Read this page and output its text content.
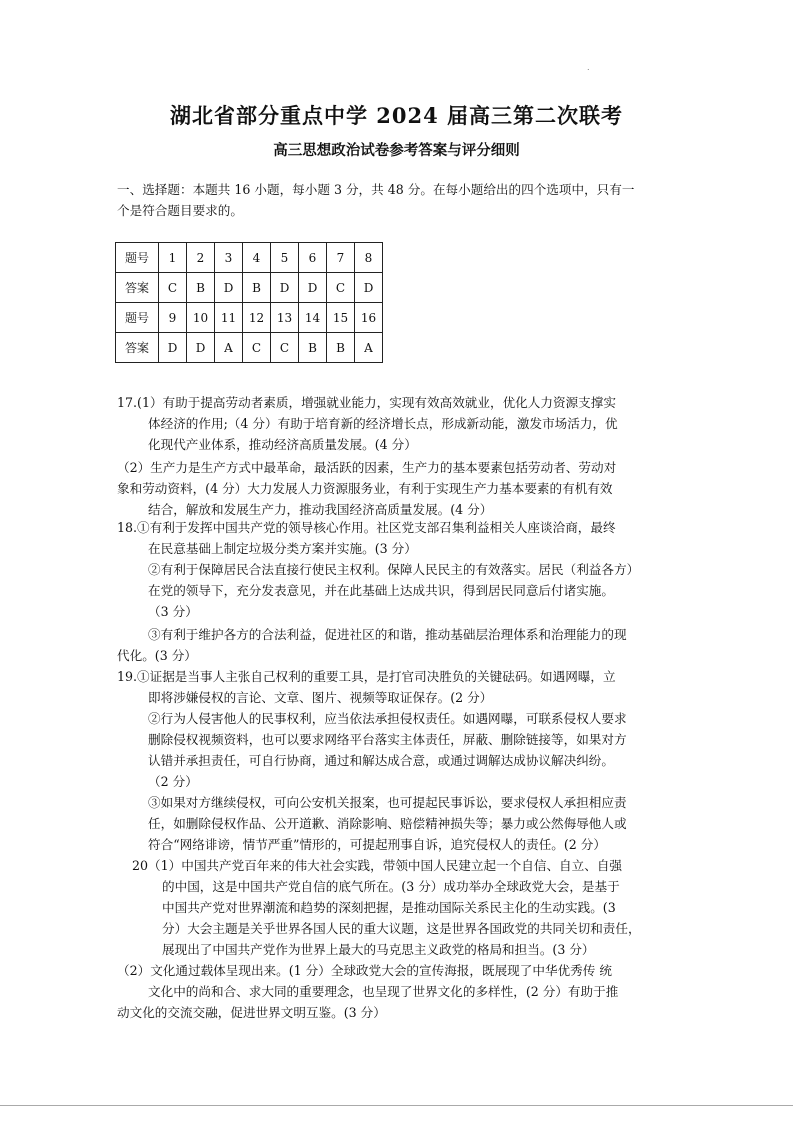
.
湖北省部分重点中学 2024 届高三第二次联考
高三思想政治试卷参考答案与评分细则
一、选择题：本题共 16 小题，每小题 3 分，共 48 分。在每小题给出的四个选项中，只有一
个是符合题目要求的。
题号	1	2	3	4	5	6	7	8
答案	C	B	D	B	D	D	C	D
题号	9	10	11	12	13	14	15	16
答案	D	D	A	C	C	B	B	A
17.(1）有助于提高劳动者素质，增强就业能力，实现有效高效就业，优化人力资源支撑实
体经济的作用;（4 分）有助于培育新的经济增长点，形成新动能，激发市场活力，优
化现代产业体系，推动经济高质量发展。(4 分）
（2）生产力是生产方式中最革命，最活跃的因素，生产力的基本要素包括劳动者、劳动对
象和劳动资料，(4 分）大力发展人力资源服务业，有利于实现生产力基本要素的有机有效
结合，解放和发展生产力，推动我国经济高质量发展。(4 分）
18.①有利于发挥中国共产党的领导核心作用。社区党支部召集利益相关人座谈洽商，最终
在民意基础上制定垃圾分类方案并实施。(3 分）
②有利于保障居民合法直接行使民主权利。保障人民民主的有效落实。居民（利益各方）
在党的领导下，充分发表意见，并在此基础上达成共识，得到居民同意后付诸实施。
（3 分）
③有利于维护各方的合法利益，促进社区的和谐，推动基础层治理体系和治理能力的现
代化。(3 分）
19.①证据是当事人主张自己权利的重要工具，是打官司决胜负的关键砝码。如遇网曝，立
即将涉嫌侵权的言论、文章、图片、视频等取证保存。(2 分）
②行为人侵害他人的民事权利，应当依法承担侵权责任。如遇网曝，可联系侵权人要求
删除侵权视频资料，也可以要求网络平台落实主体责任，屏蔽、删除链接等，如果对方
认错并承担责任，可自行协商，通过和解达成合意，或通过调解达成协议解决纠纷。
（2 分）
③如果对方继续侵权，可向公安机关报案，也可提起民事诉讼，要求侵权人承担相应责
任，如删除侵权作品、公开道歉、消除影响、赔偿精神损失等；暴力或公然侮辱他人或
符合“网络诽谤，情节严重”情形的，可提起刑事自诉，追究侵权人的责任。(2 分）
20（1）中国共产党百年来的伟大社会实践，带领中国人民建立起一个自信、自立、自强
的中国，这是中国共产党自信的底气所在。(3 分）成功举办全球政党大会，是基于
中国共产党对世界潮流和趋势的深刻把握，是推动国际关系民主化的生动实践。(3
分）大会主题是关乎世界各国人民的重大议题，这是世界各国政党的共同关切和责任，
展现出了中国共产党作为世界上最大的马克思主义政党的格局和担当。(3 分）
（2）文化通过载体呈现出来。(1 分）全球政党大会的宣传海报，既展现了中华优秀传 统
文化中的尚和合、求大同的重要理念，也呈现了世界文化的多样性，(2 分）有助于推
动文化的交流交融，促进世界文明互鉴。(3 分）
